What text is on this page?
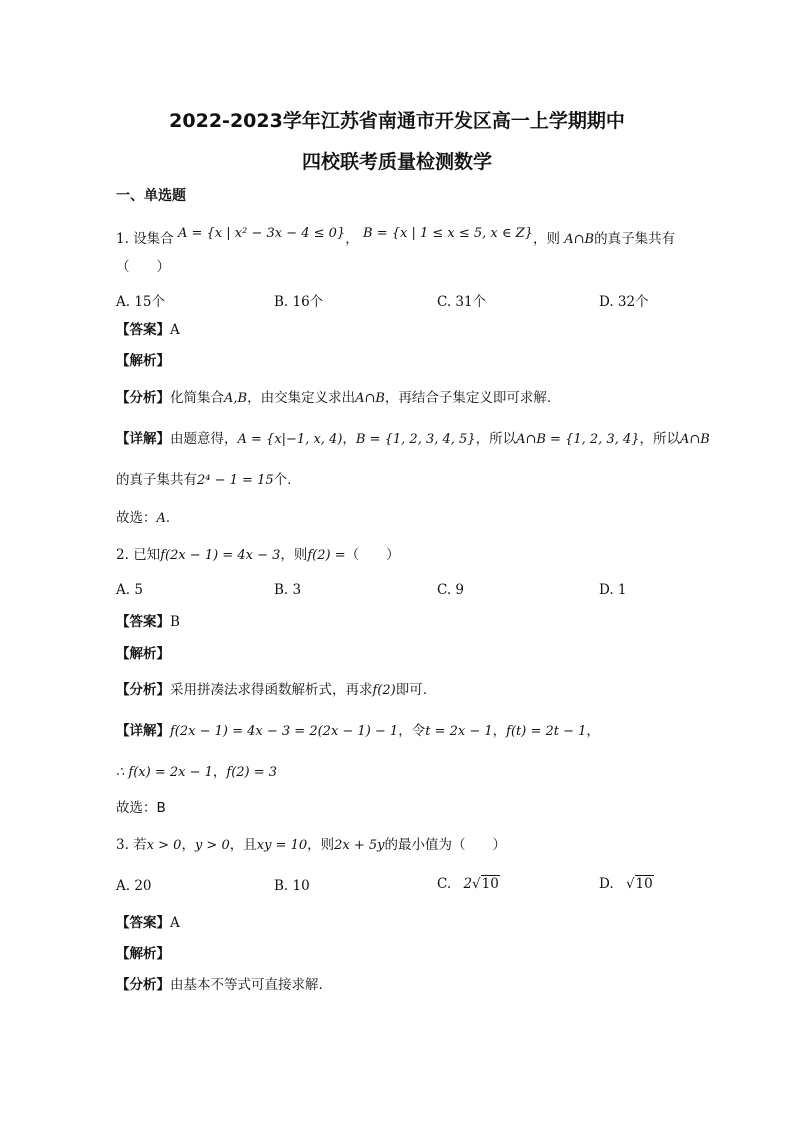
2022-2023学年江苏省南通市开发区高一上学期期中
四校联考质量检测数学
一、单选题
1. 设集合 A = {x | x² − 3x − 4 ≤ 0}， B = {x | 1 ≤ x ≤ 5, x ∈ Z}，则 A∩B的真子集共有
（　　）
A. 15个	B. 16个	C. 31个	D. 32个
【答案】A
【解析】
【分析】化简集合A,B，由交集定义求出A∩B，再结合子集定义即可求解.
【详解】由题意得，A = {x|−1, x, 4)，B = {1, 2, 3, 4, 5}，所以A∩B = {1, 2, 3, 4}，所以A∩B
的真子集共有2⁴ − 1 = 15个.
故选：A.
2. 已知f(2x − 1) = 4x − 3，则f(2) =（　　）
A. 5	B. 3	C. 9	D. 1
【答案】B
【解析】
【分析】采用拼凑法求得函数解析式，再求f(2)即可.
【详解】f(2x − 1) = 4x − 3 = 2(2x − 1) − 1，令t = 2x − 1，f(t) = 2t − 1，
∴ f(x) = 2x − 1，f(2) = 3
故选：B
3. 若x > 0，y > 0，且xy = 10，则2x + 5y的最小值为（　　）
A. 20	B. 10	C. 2√10	D. √10
【答案】A
【解析】
【分析】由基本不等式可直接求解.
